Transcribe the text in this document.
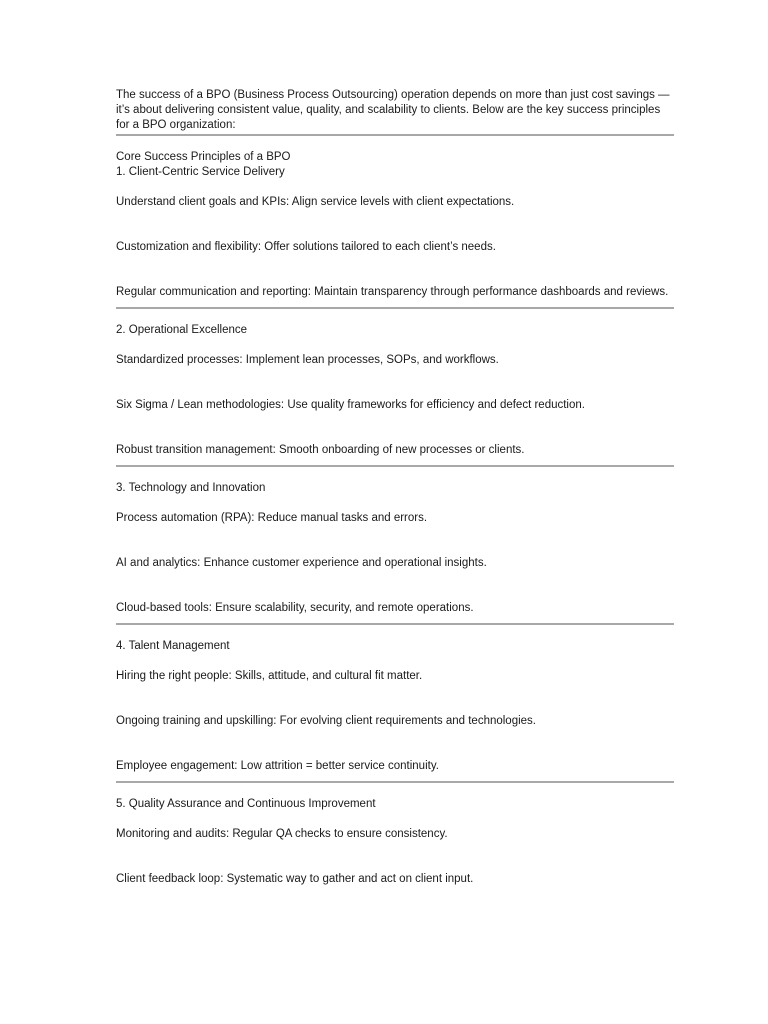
The success of a BPO (Business Process Outsourcing) operation depends on more than just cost savings — it’s about delivering consistent value, quality, and scalability to clients. Below are the key success principles for a BPO organization:

Core Success Principles of a BPO

1. Client-Centric Service Delivery

Understand client goals and KPIs: Align service levels with client expectations.

Customization and flexibility: Offer solutions tailored to each client’s needs.

Regular communication and reporting: Maintain transparency through performance dashboards and reviews.

2. Operational Excellence

Standardized processes: Implement lean processes, SOPs, and workflows.

Six Sigma / Lean methodologies: Use quality frameworks for efficiency and defect reduction.

Robust transition management: Smooth onboarding of new processes or clients.

3. Technology and Innovation

Process automation (RPA): Reduce manual tasks and errors.

AI and analytics: Enhance customer experience and operational insights.

Cloud-based tools: Ensure scalability, security, and remote operations.

4. Talent Management

Hiring the right people: Skills, attitude, and cultural fit matter.

Ongoing training and upskilling: For evolving client requirements and technologies.

Employee engagement: Low attrition = better service continuity.

5. Quality Assurance and Continuous Improvement

Monitoring and audits: Regular QA checks to ensure consistency.

Client feedback loop: Systematic way to gather and act on client input.
